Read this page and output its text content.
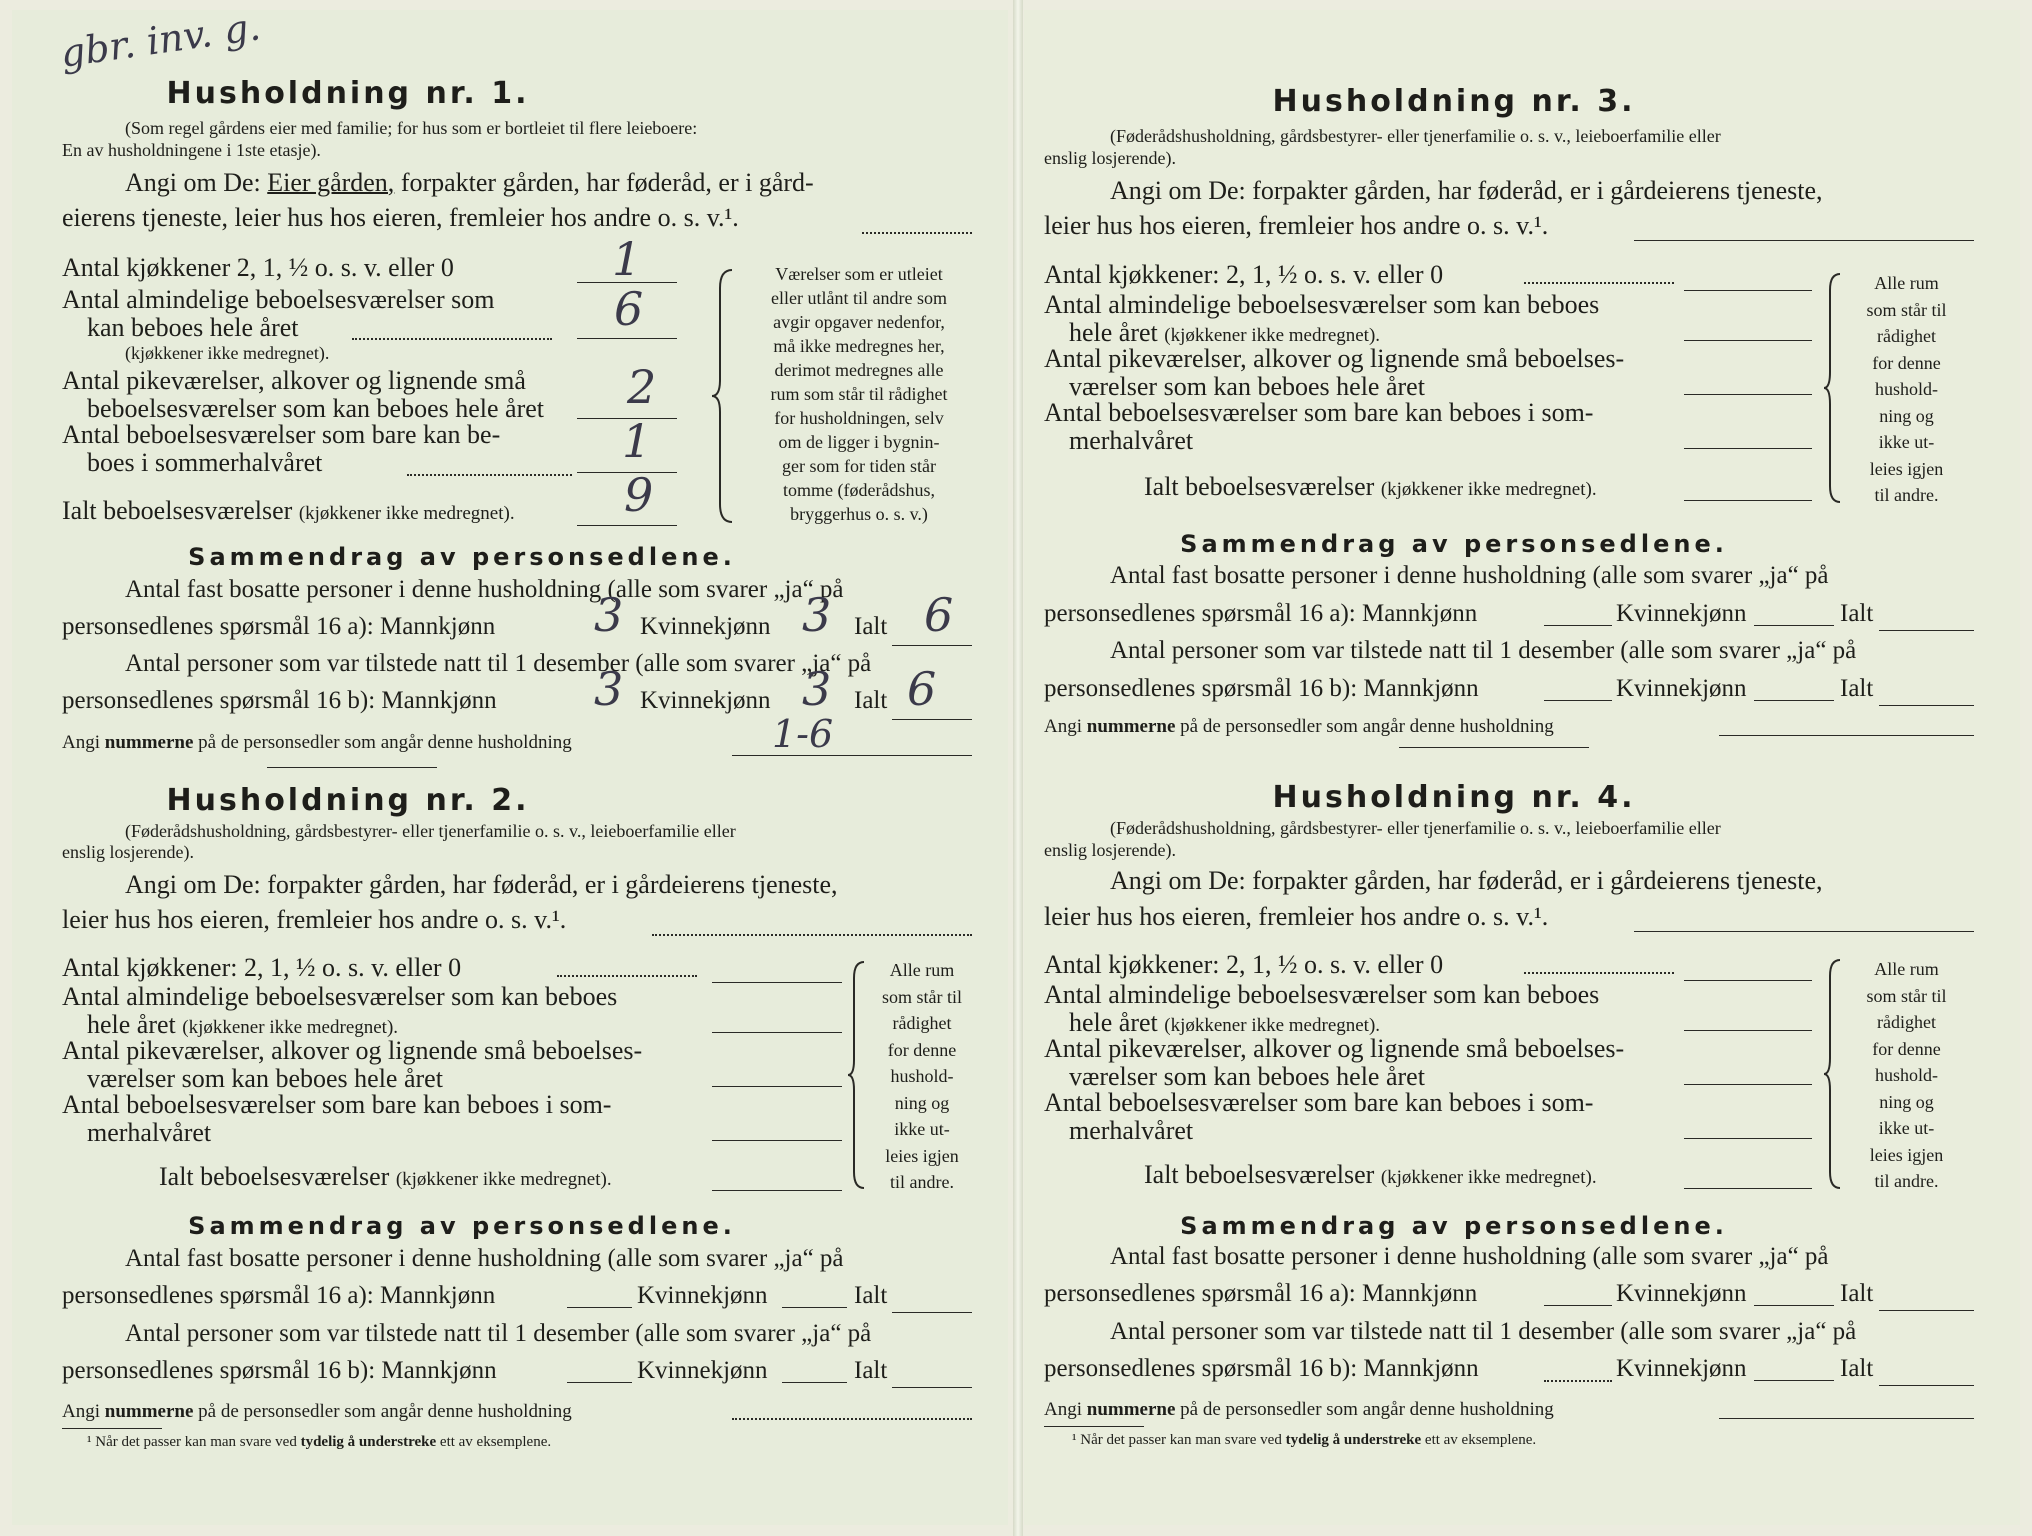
gbr. inv. g.
Husholdning nr. 1.
(Som regel gårdens eier med familie; for hus som er bortleiet til flere leieboere:
En av husholdningene i 1ste etasje).
Angi om De: Eier gården, forpakter gården, har føderåd, er i gård-
eierens tjeneste, leier hus hos eieren, fremleier hos andre o. s. v.¹.
Antal kjøkkener 2, 1, ½ o. s. v. eller 0	1
Antal almindelige beboelsesværelser som
kan beboes hele året
(kjøkkener ikke medregnet).
6
Antal pikeværelser, alkover og lignende små
beboelsesværelser som kan beboes hele året 2
Antal beboelsesværelser som bare kan be-
boes i sommerhalvåret	1
Ialt beboelsesværelser (kjøkkener ikke medregnet). 9
Værelser som er utleiet
eller utlånt til andre som
avgir opgaver nedenfor,
må ikke medregnes her,
derimot medregnes alle
rum som står til rådighet
for husholdningen, selv
om de ligger i bygnin-
ger som for tiden står
tomme (føderådshus,
bryggerhus o. s. v.)
Sammendrag av personsedlene.
Antal fast bosatte personer i denne husholdning (alle som svarer „ja“ på
personsedlenes spørsmål 16 a): Mannkjønn 3 Kvinnekjønn 3 Ialt 6
Antal personer som var tilstede natt til 1 desember (alle som svarer „ja“ på
personsedlenes spørsmål 16 b): Mannkjønn 3 Kvinnekjønn 3 Ialt 6
Angi nummerne på de personsedler som angår denne husholdning	1-6
Husholdning nr. 2.
(Føderådshusholdning, gårdsbestyrer- eller tjenerfamilie o. s. v., leieboerfamilie eller
enslig losjerende).
Angi om De: forpakter gården, har føderåd, er i gårdeierens tjeneste,
leier hus hos eieren, fremleier hos andre o. s. v.¹.
Antal kjøkkener: 2, 1, ½ o. s. v. eller 0
Antal almindelige beboelsesværelser som kan beboes
hele året (kjøkkener ikke medregnet).
Antal pikeværelser, alkover og lignende små beboelses-
værelser som kan beboes hele året
Antal beboelsesværelser som bare kan beboes i som-
merhalvåret
Ialt beboelsesværelser (kjøkkener ikke medregnet).
Alle rum
som står til
rådighet
for denne
hushold-
ning og
ikke ut-
leies igjen
til andre.
Sammendrag av personsedlene.
Antal fast bosatte personer i denne husholdning (alle som svarer „ja“ på
personsedlenes spørsmål 16 a): Mannkjønn	Kvinnekjønn	Ialt
Antal personer som var tilstede natt til 1 desember (alle som svarer „ja“ på
personsedlenes spørsmål 16 b): Mannkjønn	Kvinnekjønn	Ialt
Angi nummerne på de personsedler som angår denne husholdning
¹ Når det passer kan man svare ved tydelig å understreke ett av eksemplene.
Husholdning nr. 3.
(Føderådshusholdning, gårdsbestyrer- eller tjenerfamilie o. s. v., leieboerfamilie eller
enslig losjerende).
Angi om De: forpakter gården, har føderåd, er i gårdeierens tjeneste,
leier hus hos eieren, fremleier hos andre o. s. v.¹.
Antal kjøkkener: 2, 1, ½ o. s. v. eller 0
Antal almindelige beboelsesværelser som kan beboes
hele året (kjøkkener ikke medregnet).
Antal pikeværelser, alkover og lignende små beboelses-
værelser som kan beboes hele året
Antal beboelsesværelser som bare kan beboes i som-
merhalvåret
Ialt beboelsesværelser (kjøkkener ikke medregnet).
Alle rum
som står til
rådighet
for denne
hushold-
ning og
ikke ut-
leies igjen
til andre.
Sammendrag av personsedlene.
Antal fast bosatte personer i denne husholdning (alle som svarer „ja“ på
personsedlenes spørsmål 16 a): Mannkjønn	Kvinnekjønn	Ialt
Antal personer som var tilstede natt til 1 desember (alle som svarer „ja“ på
personsedlenes spørsmål 16 b): Mannkjønn	Kvinnekjønn	Ialt
Angi nummerne på de personsedler som angår denne husholdning
Husholdning nr. 4.
(Føderådshusholdning, gårdsbestyrer- eller tjenerfamilie o. s. v., leieboerfamilie eller
enslig losjerende).
Angi om De: forpakter gården, har føderåd, er i gårdeierens tjeneste,
leier hus hos eieren, fremleier hos andre o. s. v.¹.
Antal kjøkkener: 2, 1, ½ o. s. v. eller 0
Antal almindelige beboelsesværelser som kan beboes
hele året (kjøkkener ikke medregnet).
Antal pikeværelser, alkover og lignende små beboelses-
værelser som kan beboes hele året
Antal beboelsesværelser som bare kan beboes i som-
merhalvåret
Ialt beboelsesværelser (kjøkkener ikke medregnet).
Alle rum
som står til
rådighet
for denne
hushold-
ning og
ikke ut-
leies igjen
til andre.
Sammendrag av personsedlene.
Antal fast bosatte personer i denne husholdning (alle som svarer „ja“ på
personsedlenes spørsmål 16 a): Mannkjønn	Kvinnekjønn	Ialt
Antal personer som var tilstede natt til 1 desember (alle som svarer „ja“ på
personsedlenes spørsmål 16 b): Mannkjønn	Kvinnekjønn	Ialt
Angi nummerne på de personsedler som angår denne husholdning
¹ Når det passer kan man svare ved tydelig å understreke ett av eksemplene.
